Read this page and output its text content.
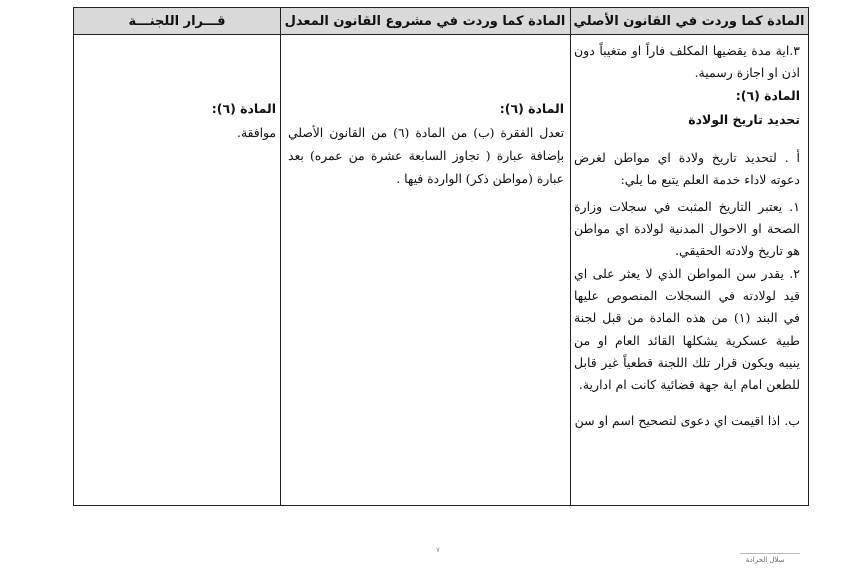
المادة كما وردت في القانون الأصلي
المادة كما وردت في مشروع القانون المعدل
قـــرار اللجنـــة

٣.اية مدة يقضيها المكلف فاراً او متغيباً دون اذن او اجازة رسمية.

المادة (٦):

تحديد تاريخ الولادة

أ . لتحديد تاريخ ولادة اي مواطن لغرض دعوته لاداء خدمة العلم يتبع ما يلي:

١. يعتبر التاريخ المثبت في سجلات وزارة الصحة او الاحوال المدنية لولادة اي مواطن هو تاريخ ولادته الحقيقي.

٢. يقدر سن المواطن الذي لا يعثر على اي قيد لولادته في السجلات المنصوص عليها في البند (١) من هذه المادة من قبل لجنة طبية عسكرية يشكلها القائد العام او من ينيبه ويكون قرار تلك اللجنة قطعياً غير قابل للطعن امام اية جهة قضائية كانت ام ادارية.

ب. اذا اقيمت اي دعوى لتصحيح اسم او سن

المادة (٦):

تعدل الفقرة (ب) من المادة (٦) من القانون الأصلي بإضافة عبارة ( تجاوز السابعة عشرة من عمره) بعد عبارة (مواطن ذكر) الواردة فيها .

المادة (٦):

موافقة.

٧
سلال الحرادة
